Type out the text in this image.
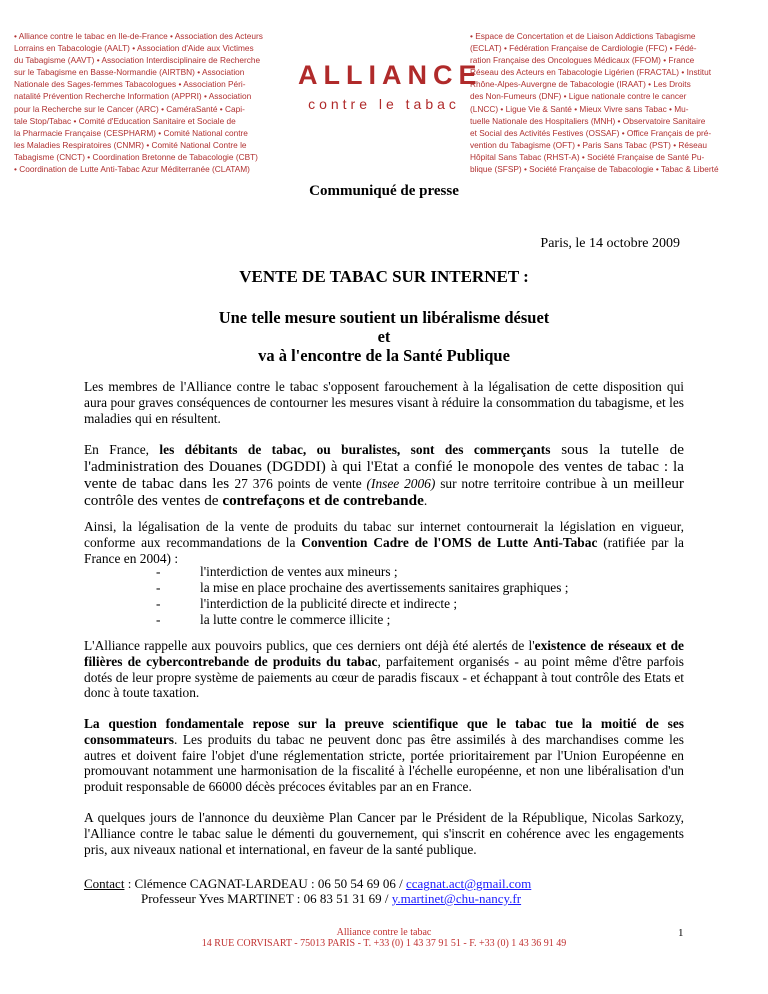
• Alliance contre le tabac en Ile-de-France • Association des Acteurs
Lorrains en Tabacologie (AALT) • Association d'Aide aux Victimes
du Tabagisme (AAVT) • Association Interdisciplinaire de Recherche
sur le Tabagisme en Basse-Normandie (AIRTBN) • Association
Nationale des Sages-femmes Tabacologues • Association Péri-
natalité Prévention Recherche Information (APPRI) • Association
pour la Recherche sur le Cancer (ARC) • CaméraSanté • Capi-
tale Stop/Tabac • Comité d'Education Sanitaire et Sociale de
la Pharmacie Française (CESPHARM) • Comité National contre
les Maladies Respiratoires (CNMR) • Comité National Contre le
Tabagisme (CNCT) • Coordination Bretonne de Tabacologie (CBT)
• Coordination de Lutte Anti-Tabac Azur Méditerranée (CLATAM)
• Espace de Concertation et de Liaison Addictions Tabagisme
(ECLAT) • Fédération Française de Cardiologie (FFC) • Fédé-
ration Française des Oncologues Médicaux (FFOM) • France
Réseau des Acteurs en Tabacologie Ligérien (FRACTAL) • Institut
Rhône-Alpes-Auvergne de Tabacologie (IRAAT) • Les Droits
des Non-Fumeurs (DNF) • Ligue nationale contre le cancer
(LNCC) • Ligue Vie & Santé • Mieux Vivre sans Tabac • Mu-
tuelle Nationale des Hospitaliers (MNH) • Observatoire Sanitaire
et Social des Activités Festives (OSSAF) • Office Français de pré-
vention du Tabagisme (OFT) • Paris Sans Tabac (PST) • Réseau
Hôpital Sans Tabac (RHST-A) • Société Française de Santé Pu-
blique (SFSP) • Société Française de Tabacologie • Tabac & Liberté
ALLIANCE
contre le tabac
Communiqué de presse
Paris, le 14 octobre 2009
VENTE DE TABAC SUR INTERNET :
Une telle mesure soutient un libéralisme désuet
et
va à l'encontre de la Santé Publique
Les membres de l'Alliance contre le tabac s'opposent farouchement à la légalisation de cette disposition qui aura pour graves conséquences de contourner les mesures visant à réduire la consommation du tabagisme, et les maladies qui en résultent.
En France, les débitants de tabac, ou buralistes, sont des commerçants sous la tutelle de l'administration des Douanes (DGDDI) à qui l'Etat a confié le monopole des ventes de tabac : la vente de tabac dans les 27 376 points de vente (Insee 2006) sur notre territoire contribue à un meilleur contrôle des ventes de contrefaçons et de contrebande.
Ainsi, la légalisation de la vente de produits du tabac sur internet contournerait la législation en vigueur, conforme aux recommandations de la Convention Cadre de l'OMS de Lutte Anti-Tabac (ratifiée par la France en 2004) :
-	l'interdiction de ventes aux mineurs ;
-	la mise en place prochaine des avertissements sanitaires graphiques ;
-	l'interdiction de la publicité directe et indirecte ;
-	la lutte contre le commerce illicite ;
L'Alliance rappelle aux pouvoirs publics, que ces derniers ont déjà été alertés de l'existence de réseaux et de filières de cybercontrebande de produits du tabac, parfaitement organisés - au point même d'être parfois dotés de leur propre système de paiements au cœur de paradis fiscaux - et échappant à tout contrôle des Etats et donc à toute taxation.
La question fondamentale repose sur la preuve scientifique que le tabac tue la moitié de ses consommateurs. Les produits du tabac ne peuvent donc pas être assimilés à des marchandises comme les autres et doivent faire l'objet d'une réglementation stricte, portée prioritairement par l'Union Européenne en promouvant notamment une harmonisation de la fiscalité à l'échelle européenne, et non une libéralisation d'un produit responsable de 66000 décès précoces évitables par an en France.
A quelques jours de l'annonce du deuxième Plan Cancer par le Président de la République, Nicolas Sarkozy, l'Alliance contre le tabac salue le démenti du gouvernement, qui s'inscrit en cohérence avec les engagements pris, aux niveaux national et international, en faveur de la santé publique.
Contact : Clémence CAGNAT-LARDEAU : 06 50 54 69 06 / ccagnat.act@gmail.com
Professeur Yves MARTINET : 06 83 51 31 69 / y.martinet@chu-nancy.fr
Alliance contre le tabac
14 RUE CORVISART - 75013 PARIS - T. +33 (0) 1 43 37 91 51 - F. +33 (0) 1 43 36 91 49
1
